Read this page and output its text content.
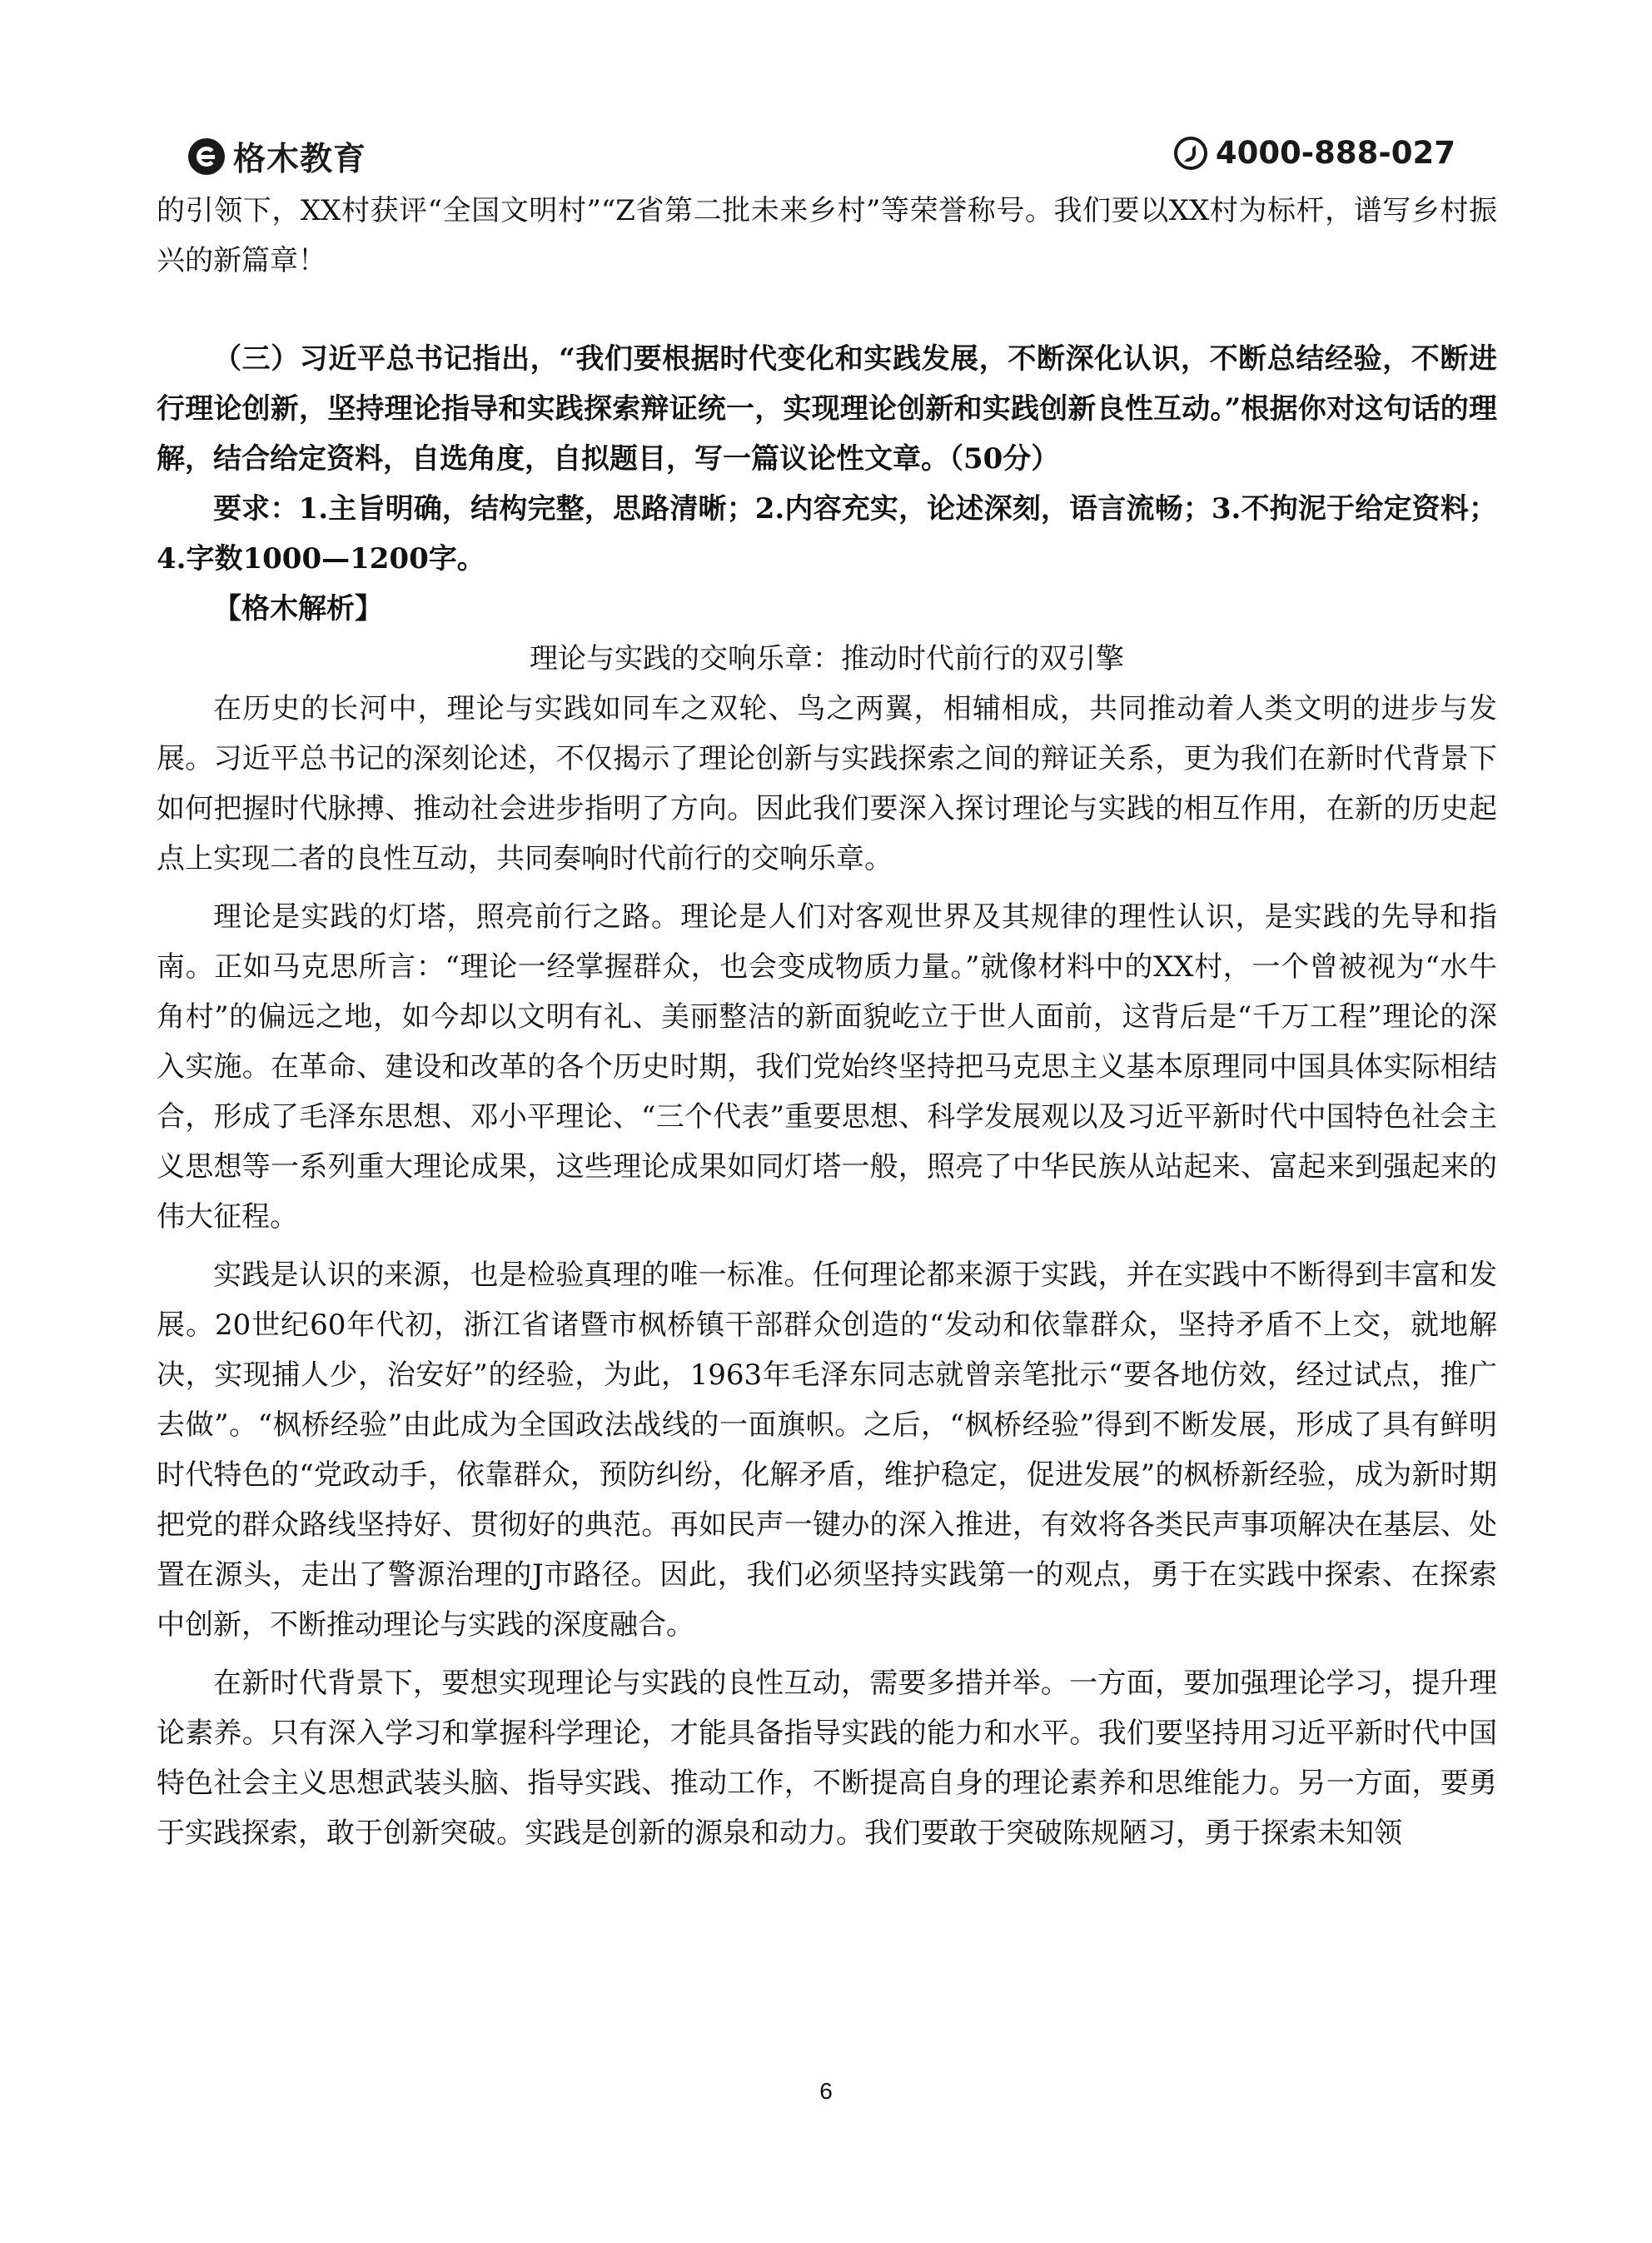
格木教育	4000-888-027

的引领下，XX村获评“全国文明村”“Z省第二批未来乡村”等荣誉称号。我们要以XX村为标杆，谱写乡村振兴的新篇章！

（三）习近平总书记指出，“我们要根据时代变化和实践发展，不断深化认识，不断总结经验，不断进行理论创新，坚持理论指导和实践探索辩证统一，实现理论创新和实践创新良性互动。”根据你对这句话的理解，结合给定资料，自选角度，自拟题目，写一篇议论性文章。（50分）

要求：1.主旨明确，结构完整，思路清晰；2.内容充实，论述深刻，语言流畅；3.不拘泥于给定资料；4.字数1000—1200字。

【格木解析】

理论与实践的交响乐章：推动时代前行的双引擎

在历史的长河中，理论与实践如同车之双轮、鸟之两翼，相辅相成，共同推动着人类文明的进步与发展。习近平总书记的深刻论述，不仅揭示了理论创新与实践探索之间的辩证关系，更为我们在新时代背景下如何把握时代脉搏、推动社会进步指明了方向。因此我们要深入探讨理论与实践的相互作用，在新的历史起点上实现二者的良性互动，共同奏响时代前行的交响乐章。

理论是实践的灯塔，照亮前行之路。理论是人们对客观世界及其规律的理性认识，是实践的先导和指南。正如马克思所言：“理论一经掌握群众，也会变成物质力量。”就像材料中的XX村，一个曾被视为“水牛角村”的偏远之地，如今却以文明有礼、美丽整洁的新面貌屹立于世人面前，这背后是“千万工程”理论的深入实施。在革命、建设和改革的各个历史时期，我们党始终坚持把马克思主义基本原理同中国具体实际相结合，形成了毛泽东思想、邓小平理论、“三个代表”重要思想、科学发展观以及习近平新时代中国特色社会主义思想等一系列重大理论成果，这些理论成果如同灯塔一般，照亮了中华民族从站起来、富起来到强起来的伟大征程。

实践是认识的来源，也是检验真理的唯一标准。任何理论都来源于实践，并在实践中不断得到丰富和发展。20世纪60年代初，浙江省诸暨市枫桥镇干部群众创造的“发动和依靠群众，坚持矛盾不上交，就地解决，实现捕人少，治安好”的经验，为此，1963年毛泽东同志就曾亲笔批示“要各地仿效，经过试点，推广去做”。“枫桥经验”由此成为全国政法战线的一面旗帜。之后，“枫桥经验”得到不断发展，形成了具有鲜明时代特色的“党政动手，依靠群众，预防纠纷，化解矛盾，维护稳定，促进发展”的枫桥新经验，成为新时期把党的群众路线坚持好、贯彻好的典范。再如民声一键办的深入推进，有效将各类民声事项解决在基层、处置在源头，走出了警源治理的J市路径。因此，我们必须坚持实践第一的观点，勇于在实践中探索、在探索中创新，不断推动理论与实践的深度融合。

在新时代背景下，要想实现理论与实践的良性互动，需要多措并举。一方面，要加强理论学习，提升理论素养。只有深入学习和掌握科学理论，才能具备指导实践的能力和水平。我们要坚持用习近平新时代中国特色社会主义思想武装头脑、指导实践、推动工作，不断提高自身的理论素养和思维能力。另一方面，要勇于实践探索，敢于创新突破。实践是创新的源泉和动力。我们要敢于突破陈规陋习，勇于探索未知领

6
